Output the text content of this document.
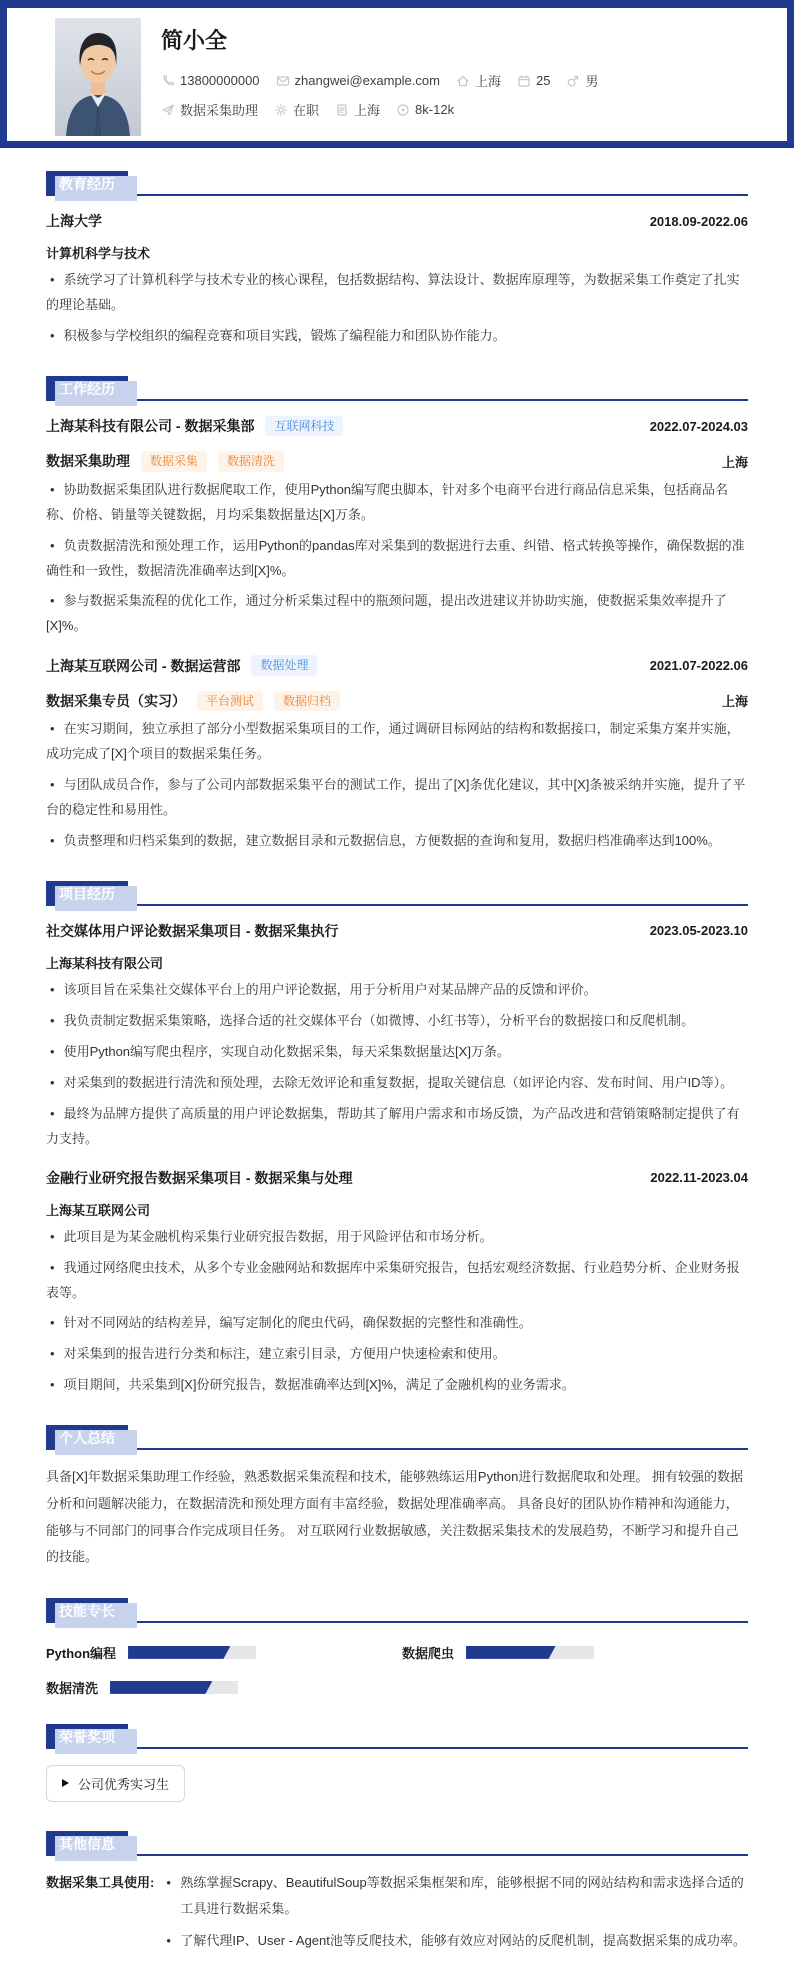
简小全
13800000000	zhangwei@example.com	上海	25	男
数据采集助理	在职	上海	8k-12k
教育经历
上海大学	2018.09-2022.06
计算机科学与技术
• 系统学习了计算机科学与技术专业的核心课程，包括数据结构、算法设计、数据库原理等，为数据采集工作奠定了扎实的理论基础。
• 积极参与学校组织的编程竞赛和项目实践，锻炼了编程能力和团队协作能力。
工作经历
上海某科技有限公司 - 数据采集部	互联网科技	2022.07-2024.03
数据采集助理	数据采集	数据清洗	上海
• 协助数据采集团队进行数据爬取工作，使用Python编写爬虫脚本，针对多个电商平台进行商品信息采集，包括商品名称、价格、销量等关键数据，月均采集数据量达[X]万条。
• 负责数据清洗和预处理工作，运用Python的pandas库对采集到的数据进行去重、纠错、格式转换等操作，确保数据的准确性和一致性，数据清洗准确率达到[X]%。
• 参与数据采集流程的优化工作，通过分析采集过程中的瓶颈问题，提出改进建议并协助实施，使数据采集效率提升了[X]%。
上海某互联网公司 - 数据运营部	数据处理	2021.07-2022.06
数据采集专员（实习）	平台测试	数据归档	上海
• 在实习期间，独立承担了部分小型数据采集项目的工作，通过调研目标网站的结构和数据接口，制定采集方案并实施，成功完成了[X]个项目的数据采集任务。
• 与团队成员合作，参与了公司内部数据采集平台的测试工作，提出了[X]条优化建议，其中[X]条被采纳并实施，提升了平台的稳定性和易用性。
• 负责整理和归档采集到的数据，建立数据目录和元数据信息，方便数据的查询和复用，数据归档准确率达到100%。
项目经历
社交媒体用户评论数据采集项目 - 数据采集执行	2023.05-2023.10
上海某科技有限公司
• 该项目旨在采集社交媒体平台上的用户评论数据，用于分析用户对某品牌产品的反馈和评价。
• 我负责制定数据采集策略，选择合适的社交媒体平台（如微博、小红书等），分析平台的数据接口和反爬机制。
• 使用Python编写爬虫程序，实现自动化数据采集，每天采集数据量达[X]万条。
• 对采集到的数据进行清洗和预处理，去除无效评论和重复数据，提取关键信息（如评论内容、发布时间、用户ID等）。
• 最终为品牌方提供了高质量的用户评论数据集，帮助其了解用户需求和市场反馈，为产品改进和营销策略制定提供了有力支持。
金融行业研究报告数据采集项目 - 数据采集与处理	2022.11-2023.04
上海某互联网公司
• 此项目是为某金融机构采集行业研究报告数据，用于风险评估和市场分析。
• 我通过网络爬虫技术，从多个专业金融网站和数据库中采集研究报告，包括宏观经济数据、行业趋势分析、企业财务报表等。
• 针对不同网站的结构差异，编写定制化的爬虫代码，确保数据的完整性和准确性。
• 对采集到的报告进行分类和标注，建立索引目录，方便用户快速检索和使用。
• 项目期间，共采集到[X]份研究报告，数据准确率达到[X]%，满足了金融机构的业务需求。
个人总结

具备[X]年数据采集助理工作经验，熟悉数据采集流程和技术，能够熟练运用Python进行数据爬取和处理。 拥有较强的数据分析和问题解决能力，在数据清洗和预处理方面有丰富经验，数据处理准确率高。 具备良好的团队协作精神和沟通能力，能够与不同部门的同事合作完成项目任务。 对互联网行业数据敏感，关注数据采集技术的发展趋势，不断学习和提升自己的技能。

技能专长
Python编程	数据爬虫
数据清洗
荣誉奖项
公司优秀实习生
其他信息
数据采集工具使用:	• 熟练掌握Scrapy、BeautifulSoup等数据采集框架和库，能够根据不同的网站结构和需求选择合适的工具进行数据采集。
• 了解代理IP、User - Agent池等反爬技术，能够有效应对网站的反爬机制，提高数据采集的成功率。
